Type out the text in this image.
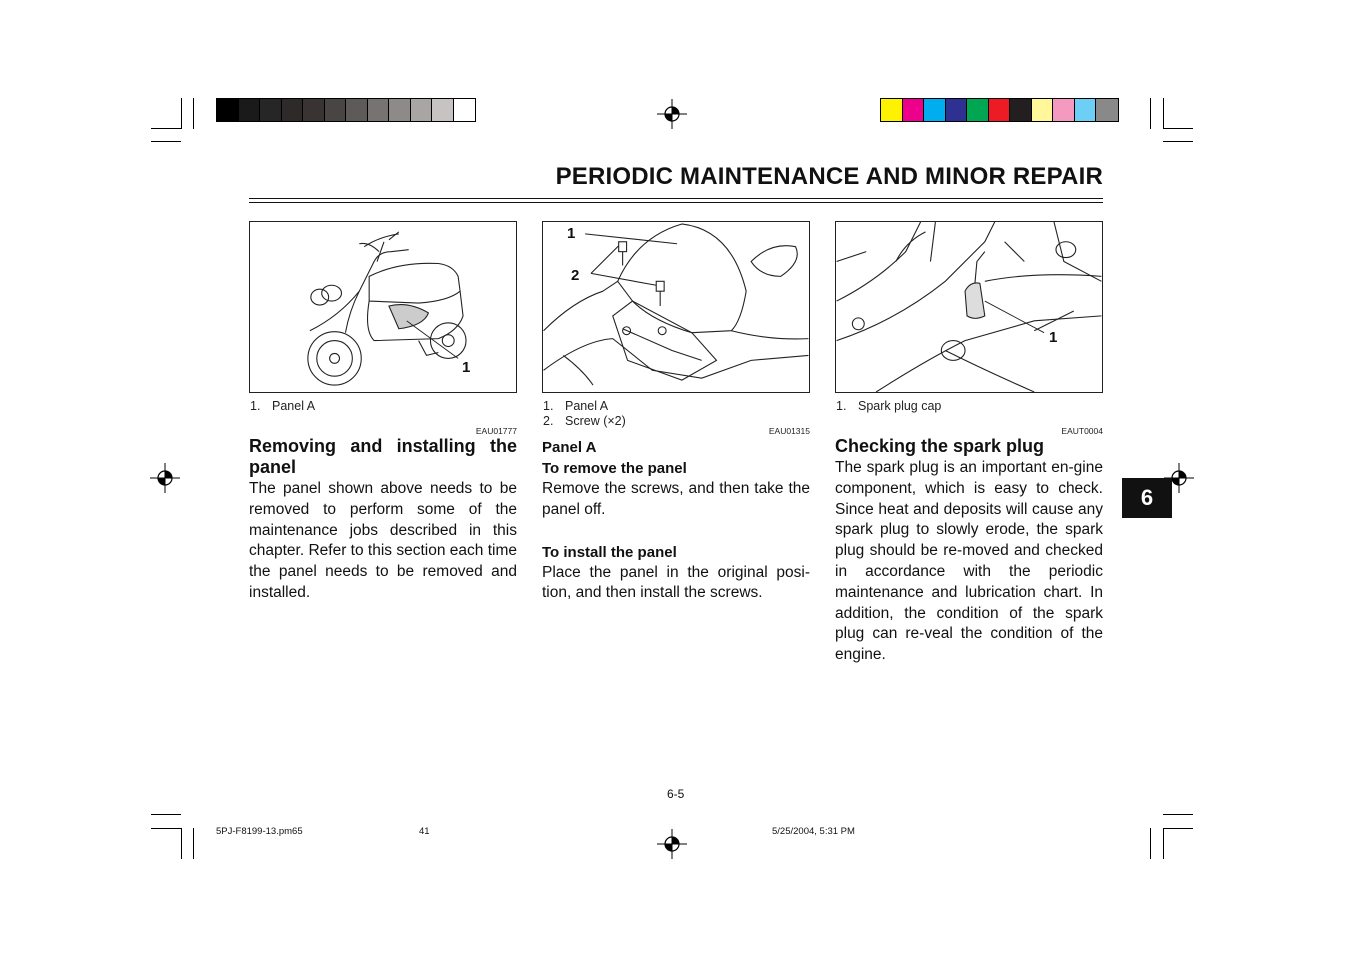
PERIODIC MAINTENANCE AND MINOR REPAIR
1
1
2
1
1. Panel A	1. Panel A
2. Screw (×2)
1. Spark plug cap
EAU01777	EAU01315	EAUT0004
Removing and installing the panel

The panel shown above needs to be removed to perform some of the maintenance jobs described in this chapter. Refer to this section each time the panel needs to be removed and installed.

Panel A
To remove the panel

Remove the screws, and then take the panel off.

To install the panel

Place the panel in the original posi-tion, and then install the screws.

Checking the spark plug

The spark plug is an important en-gine component, which is easy to check. Since heat and deposits will cause any spark plug to slowly erode, the spark plug should be re-moved and checked in accordance with the periodic maintenance and lubrication chart. In addition, the condition of the spark plug can re-veal the condition of the engine.

6
6-5
5PJ-F8199-13.pm65	41	5/25/2004, 5:31 PM
